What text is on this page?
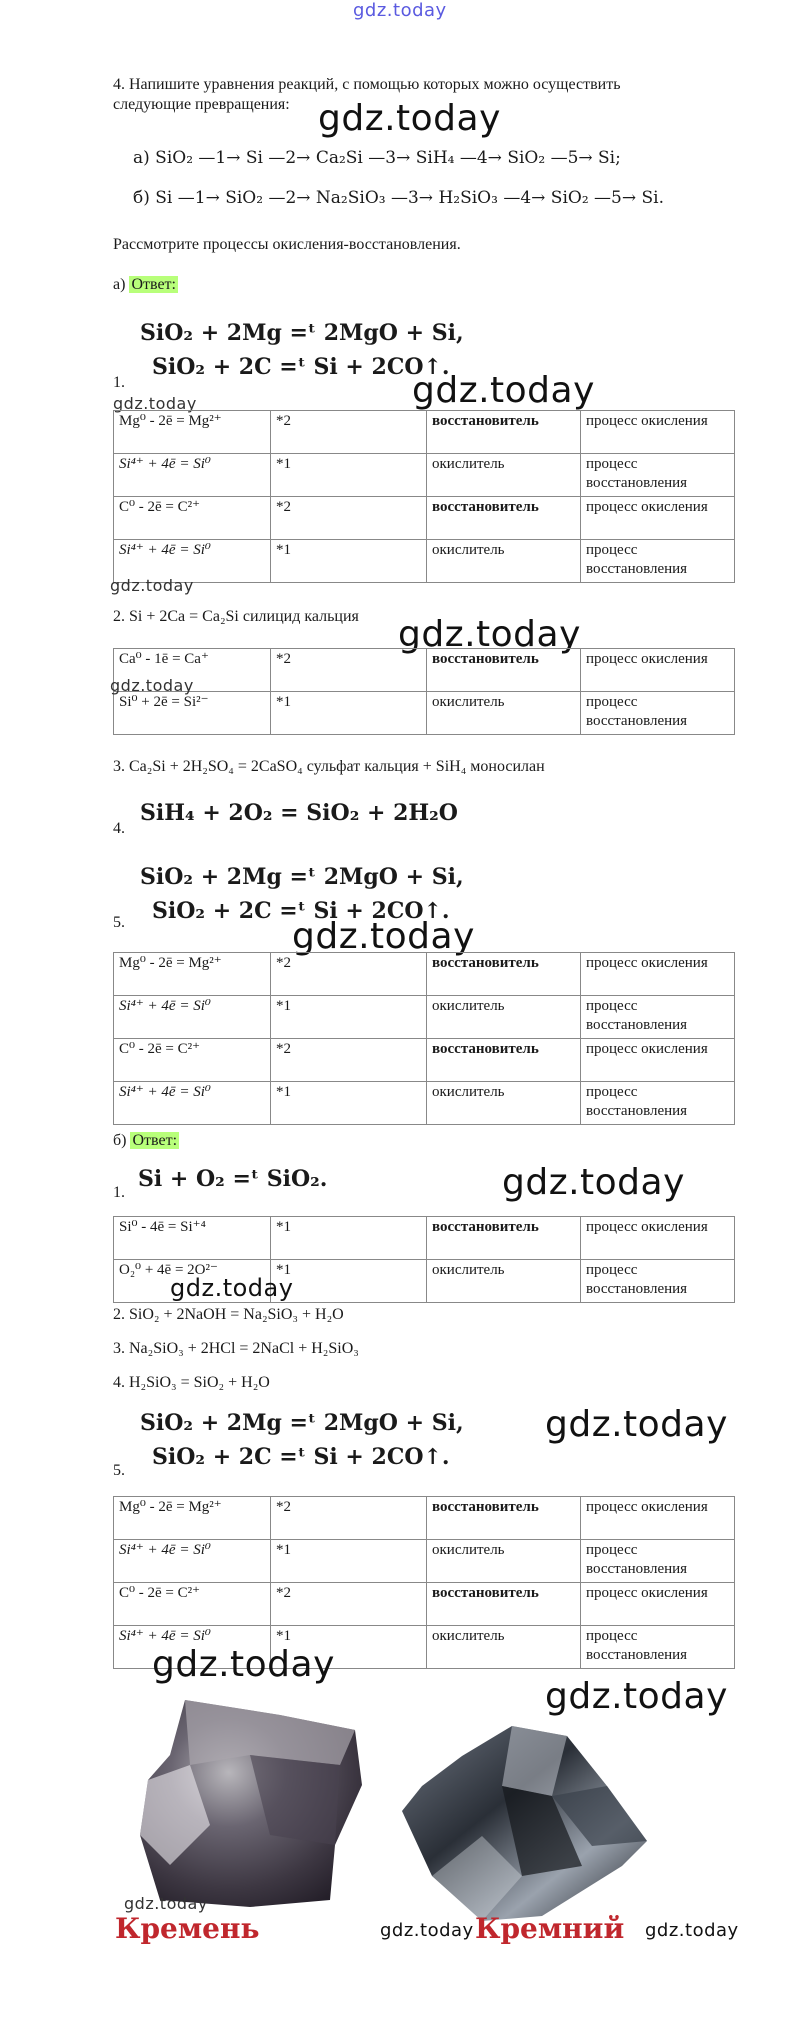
gdz.today
4. Напишите уравнения реакций, с помощью которых можно осуществить
следующие превращения: gdz.today
а) SiO₂ —1→ Si —2→ Ca₂Si —3→ SiH₄ —4→ SiO₂ —5→ Si;
б) Si —1→ SiO₂ —2→ Na₂SiO₃ —3→ H₂SiO₃ —4→ SiO₂ —5→ Si.
Рассмотрите процессы окисления-восстановления.
а) Ответ:
SiO₂ + 2Mg =ᵗ 2MgO + Si,
SiO₂ + 2C =ᵗ Si + 2CO↑.
1.	gdz.today
gdz.today
Mg⁰ - 2ē = Mg²⁺	*2	восстановитель	процесс окисления
Si⁴⁺ + 4ē = Si⁰	*1	окислитель	процесс восстановления
C⁰ - 2ē = C²⁺	*2	восстановитель	процесс окисления
Si⁴⁺ + 4ē = Si⁰	*1	окислитель	процесс восстановления
gdz.today
2. Si + 2Ca = Ca₂Si силицид кальция gdz.today
Ca⁰ - 1ē = Ca⁺	*2	восстановитель	процесс окисления
Si⁰ + 2ē = Si²⁻	*1	окислитель	процесс восстановления
gdz.today
3. Ca₂Si + 2H₂SO₄ = 2CaSO₄ сульфат кальция + SiH₄ моносилан
4.
SiH₄ + 2O₂ = SiO₂ + 2H₂O
SiO₂ + 2Mg =ᵗ 2MgO + Si,
SiO₂ + 2C =ᵗ Si + 2CO↑.
5.	gdz.today
Mg⁰ - 2ē = Mg²⁺	*2	восстановитель	процесс окисления
Si⁴⁺ + 4ē = Si⁰	*1	окислитель	процесс восстановления
C⁰ - 2ē = C²⁺	*2	восстановитель	процесс окисления
Si⁴⁺ + 4ē = Si⁰	*1	окислитель	процесс восстановления
б) Ответ:
Si + O₂ =ᵗ SiO₂.
1.	gdz.today
Si⁰ - 4ē = Si⁺⁴	*1	восстановитель	процесс окисления
O₂⁰ + 4ē = 2O²⁻	*1	окислитель	процесс восстановления
gdz.today
2. SiO₂ + 2NaOH = Na₂SiO₃ + H₂O
3. Na₂SiO₃ + 2HCl = 2NaCl + H₂SiO₃
4. H₂SiO₃ = SiO₂ + H₂O
SiO₂ + 2Mg =ᵗ 2MgO + Si,
SiO₂ + 2C =ᵗ Si + 2CO↑.
5.
gdz.today
Mg⁰ - 2ē = Mg²⁺	*2	восстановитель	процесс окисления
Si⁴⁺ + 4ē = Si⁰	*1	окислитель	процесс восстановления
C⁰ - 2ē = C²⁺	*2	восстановитель	процесс окисления
Si⁴⁺ + 4ē = Si⁰	*1	окислитель	процесс восстановления
gdz.today
gdz.today
gdz.today
Кремень	gdz.today Кремний gdz.today
